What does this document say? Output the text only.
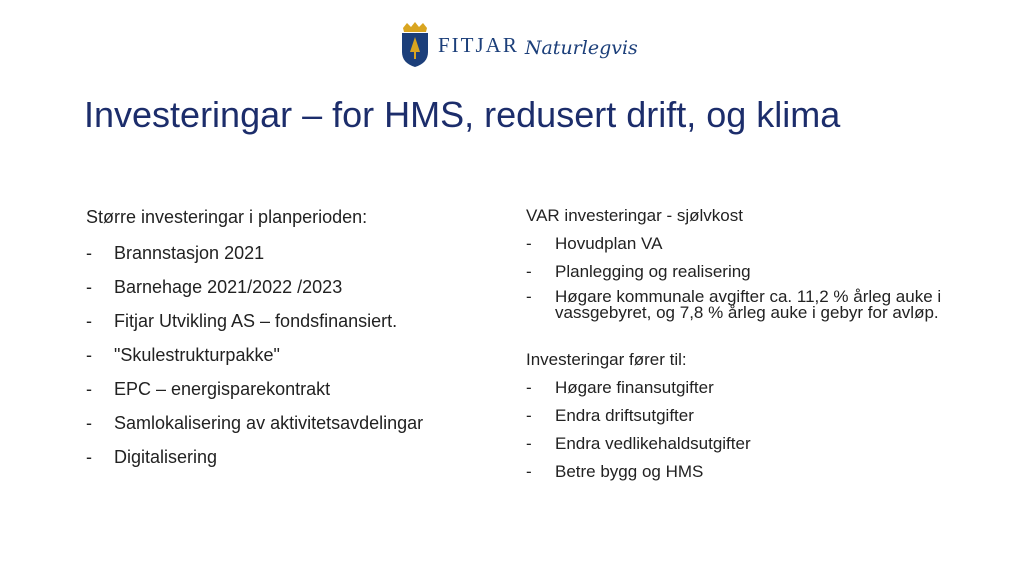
FITJAR Naturlegvis
Investeringar – for HMS, redusert drift, og klima

Større investeringar i planperioden:

-	Brannstasjon 2021
-	Barnehage 2021/2022 /2023
-	Fitjar Utvikling AS – fondsfinansiert.
-	"Skulestrukturpakke"
-	EPC – energisparekontrakt
-	Samlokalisering av aktivitetsavdelingar
-	Digitalisering

VAR investeringar - sjølvkost

-	Hovudplan VA
-	Planlegging og realisering
-	Høgare kommunale avgifter ca. 11,2 % årleg auke i vassgebyret, og 7,8 % årleg auke i gebyr for avløp.

Investeringar fører til:

-	Høgare finansutgifter
-	Endra driftsutgifter
-	Endra vedlikehaldsutgifter
-	Betre bygg og HMS
